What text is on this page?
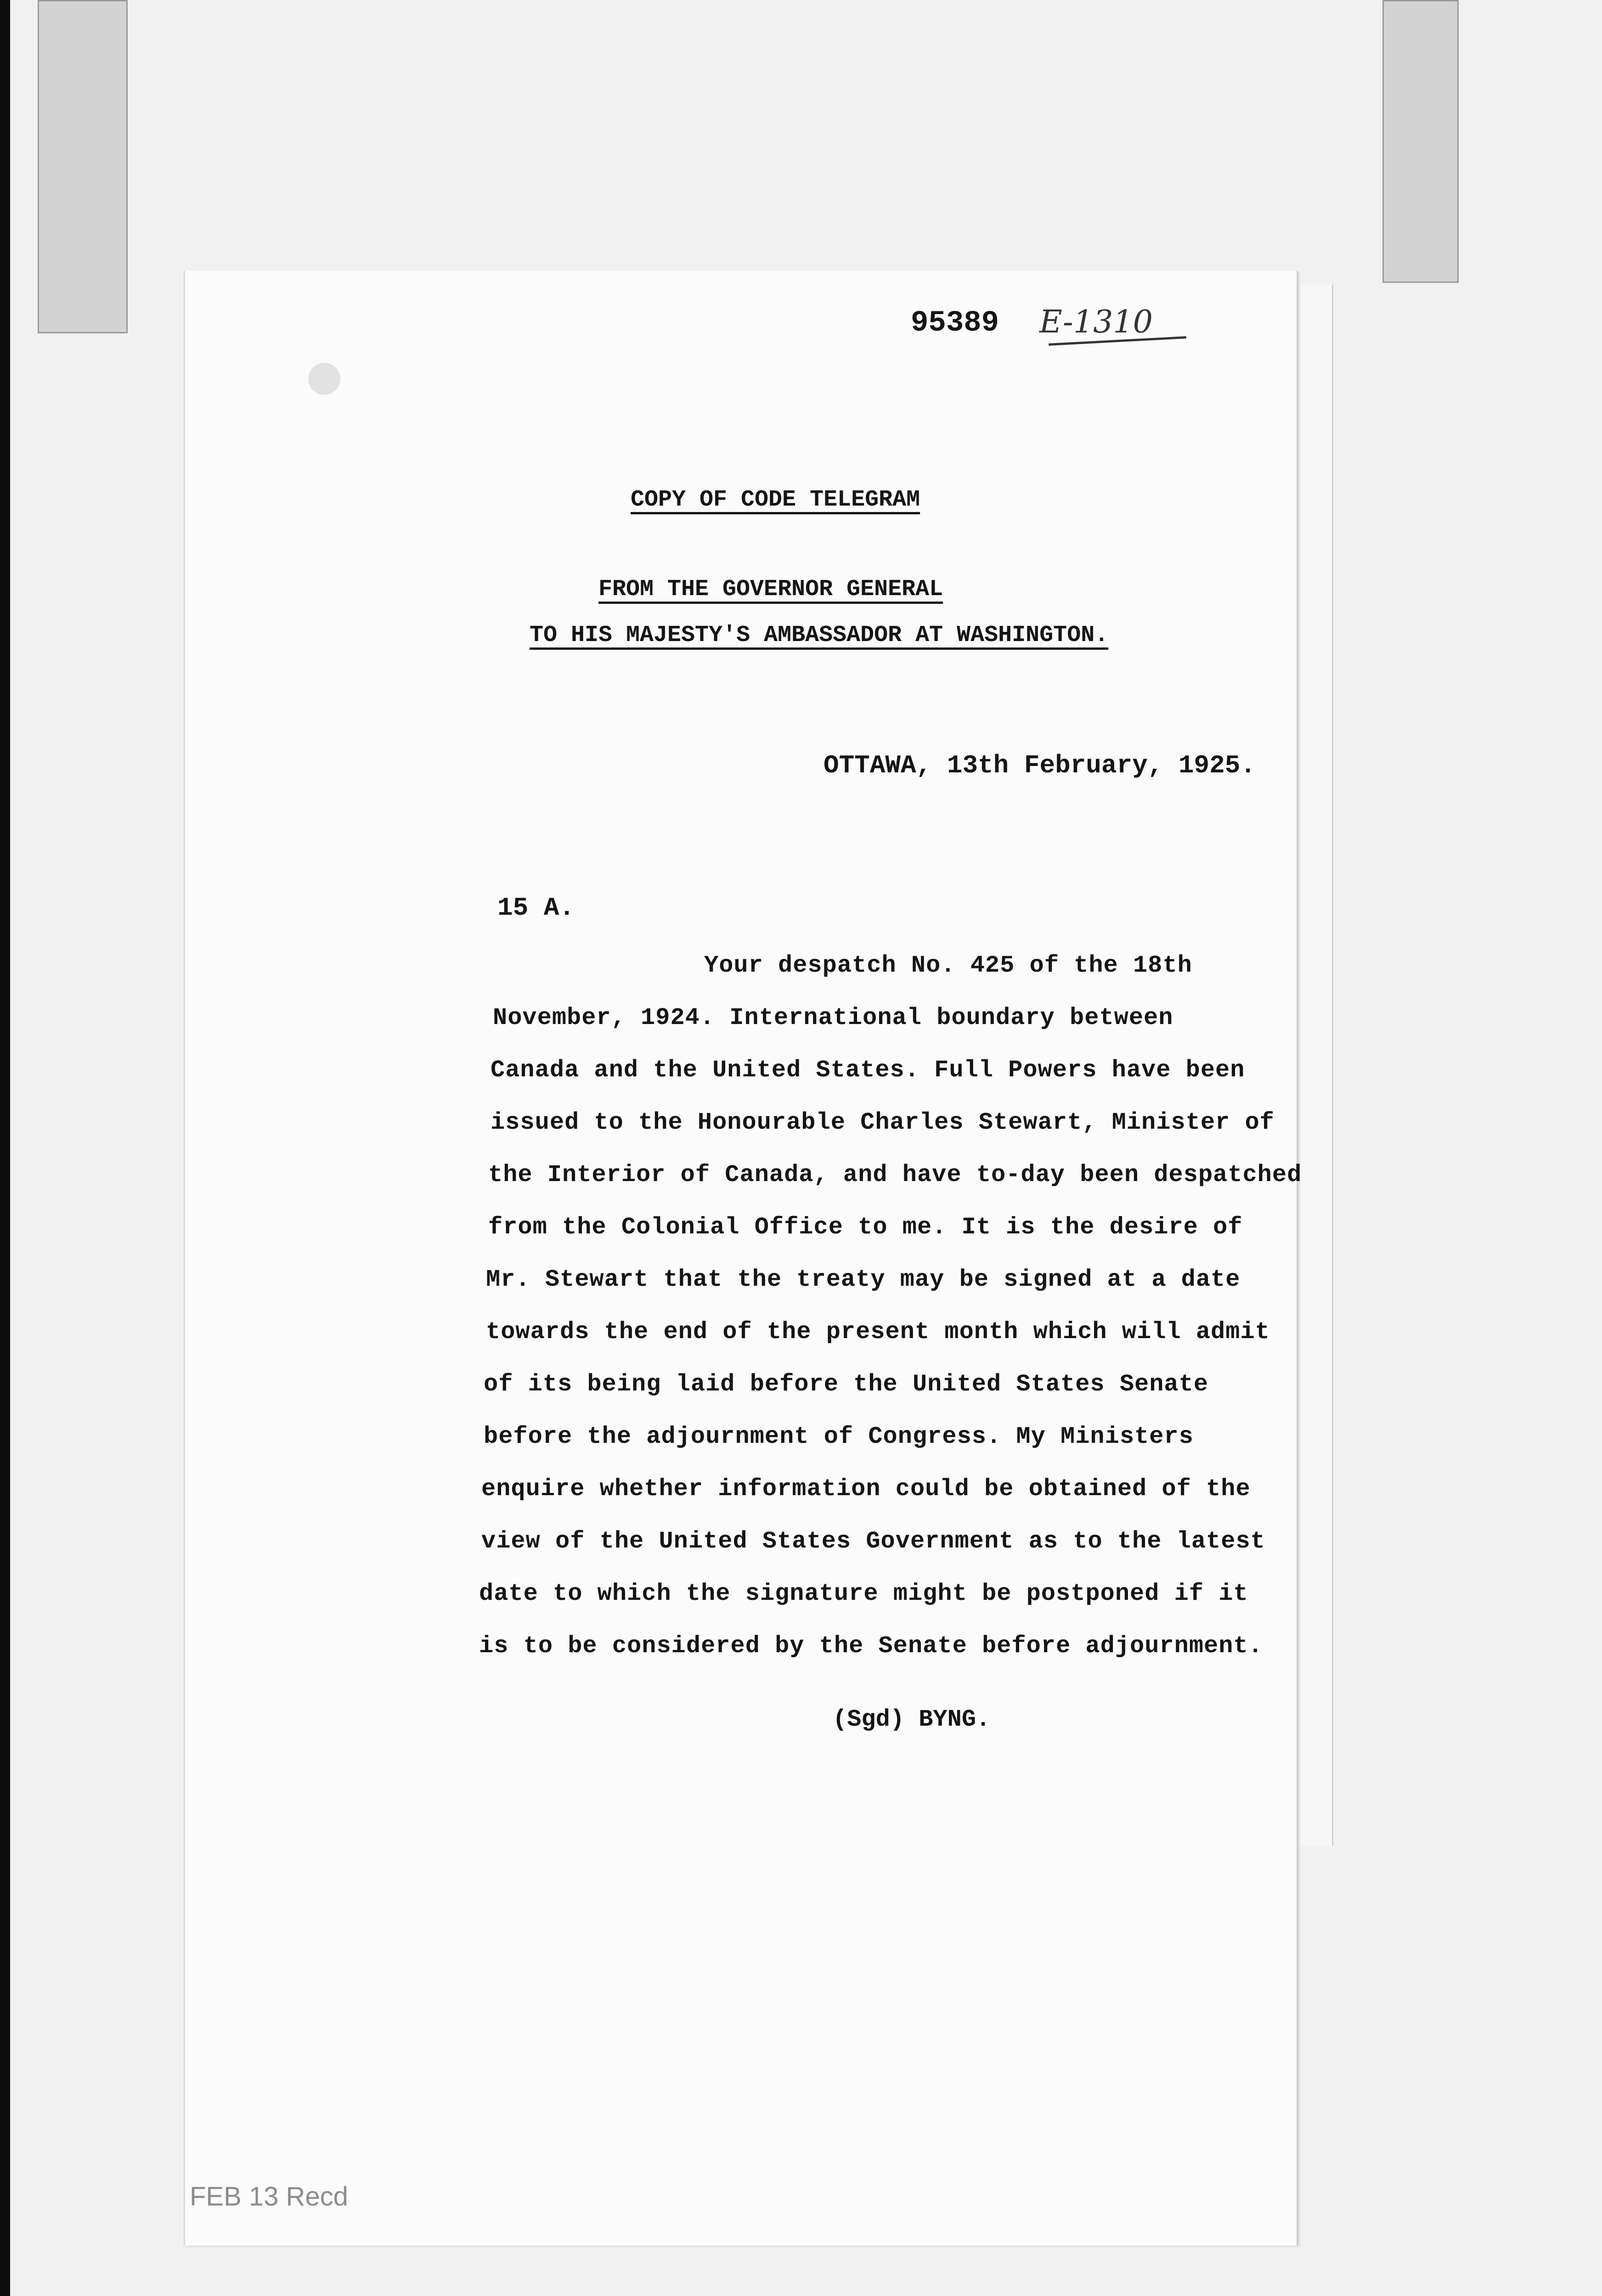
95389 E-1310
COPY OF CODE TELEGRAM
FROM THE GOVERNOR GENERAL
TO HIS MAJESTY'S AMBASSADOR AT WASHINGTON.
OTTAWA, 13th February, 1925.
15 A.
Your despatch No. 425 of the 18th
November, 1924. International boundary between
Canada and the United States. Full Powers have been
issued to the Honourable Charles Stewart, Minister of
the Interior of Canada, and have to-day been despatched
from the Colonial Office to me. It is the desire of
Mr. Stewart that the treaty may be signed at a date
towards the end of the present month which will admit
of its being laid before the United States Senate
before the adjournment of Congress. My Ministers
enquire whether information could be obtained of the
view of the United States Government as to the latest
date to which the signature might be postponed if it
is to be considered by the Senate before adjournment.
(Sgd) BYNG.
FEB 13 Recd
